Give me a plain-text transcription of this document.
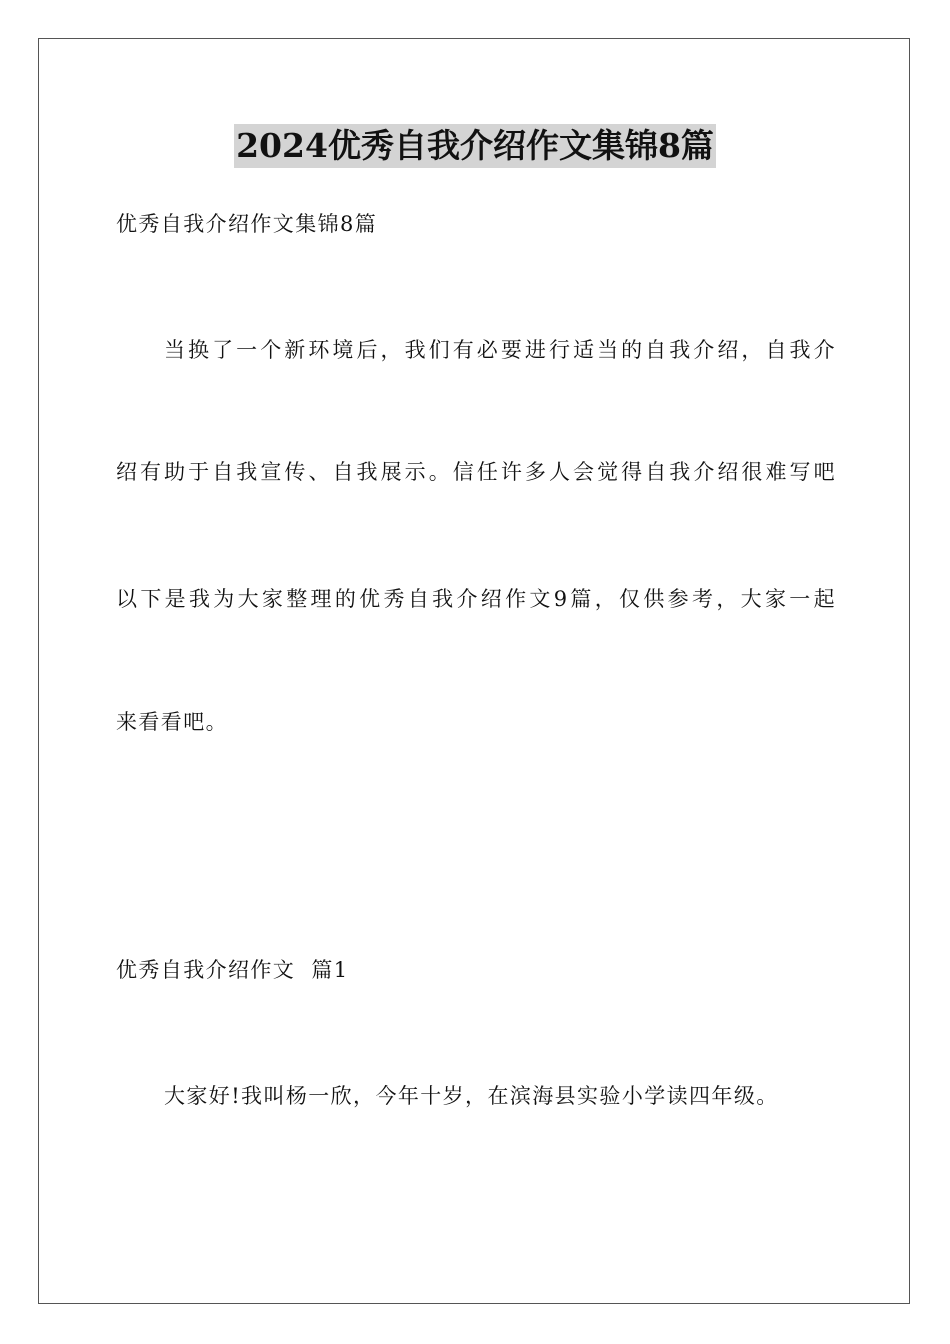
2024优秀自我介绍作文集锦8篇
优秀自我介绍作文集锦8篇
当换了一个新环境后，我们有必要进行适当的自我介绍，自我介
绍有助于自我宣传、自我展示。信任许多人会觉得自我介绍很难写吧
以下是我为大家整理的优秀自我介绍作文9篇，仅供参考，大家一起
来看看吧。
优秀自我介绍作文  篇1
大家好!我叫杨一欣，今年十岁，在滨海县实验小学读四年级。
